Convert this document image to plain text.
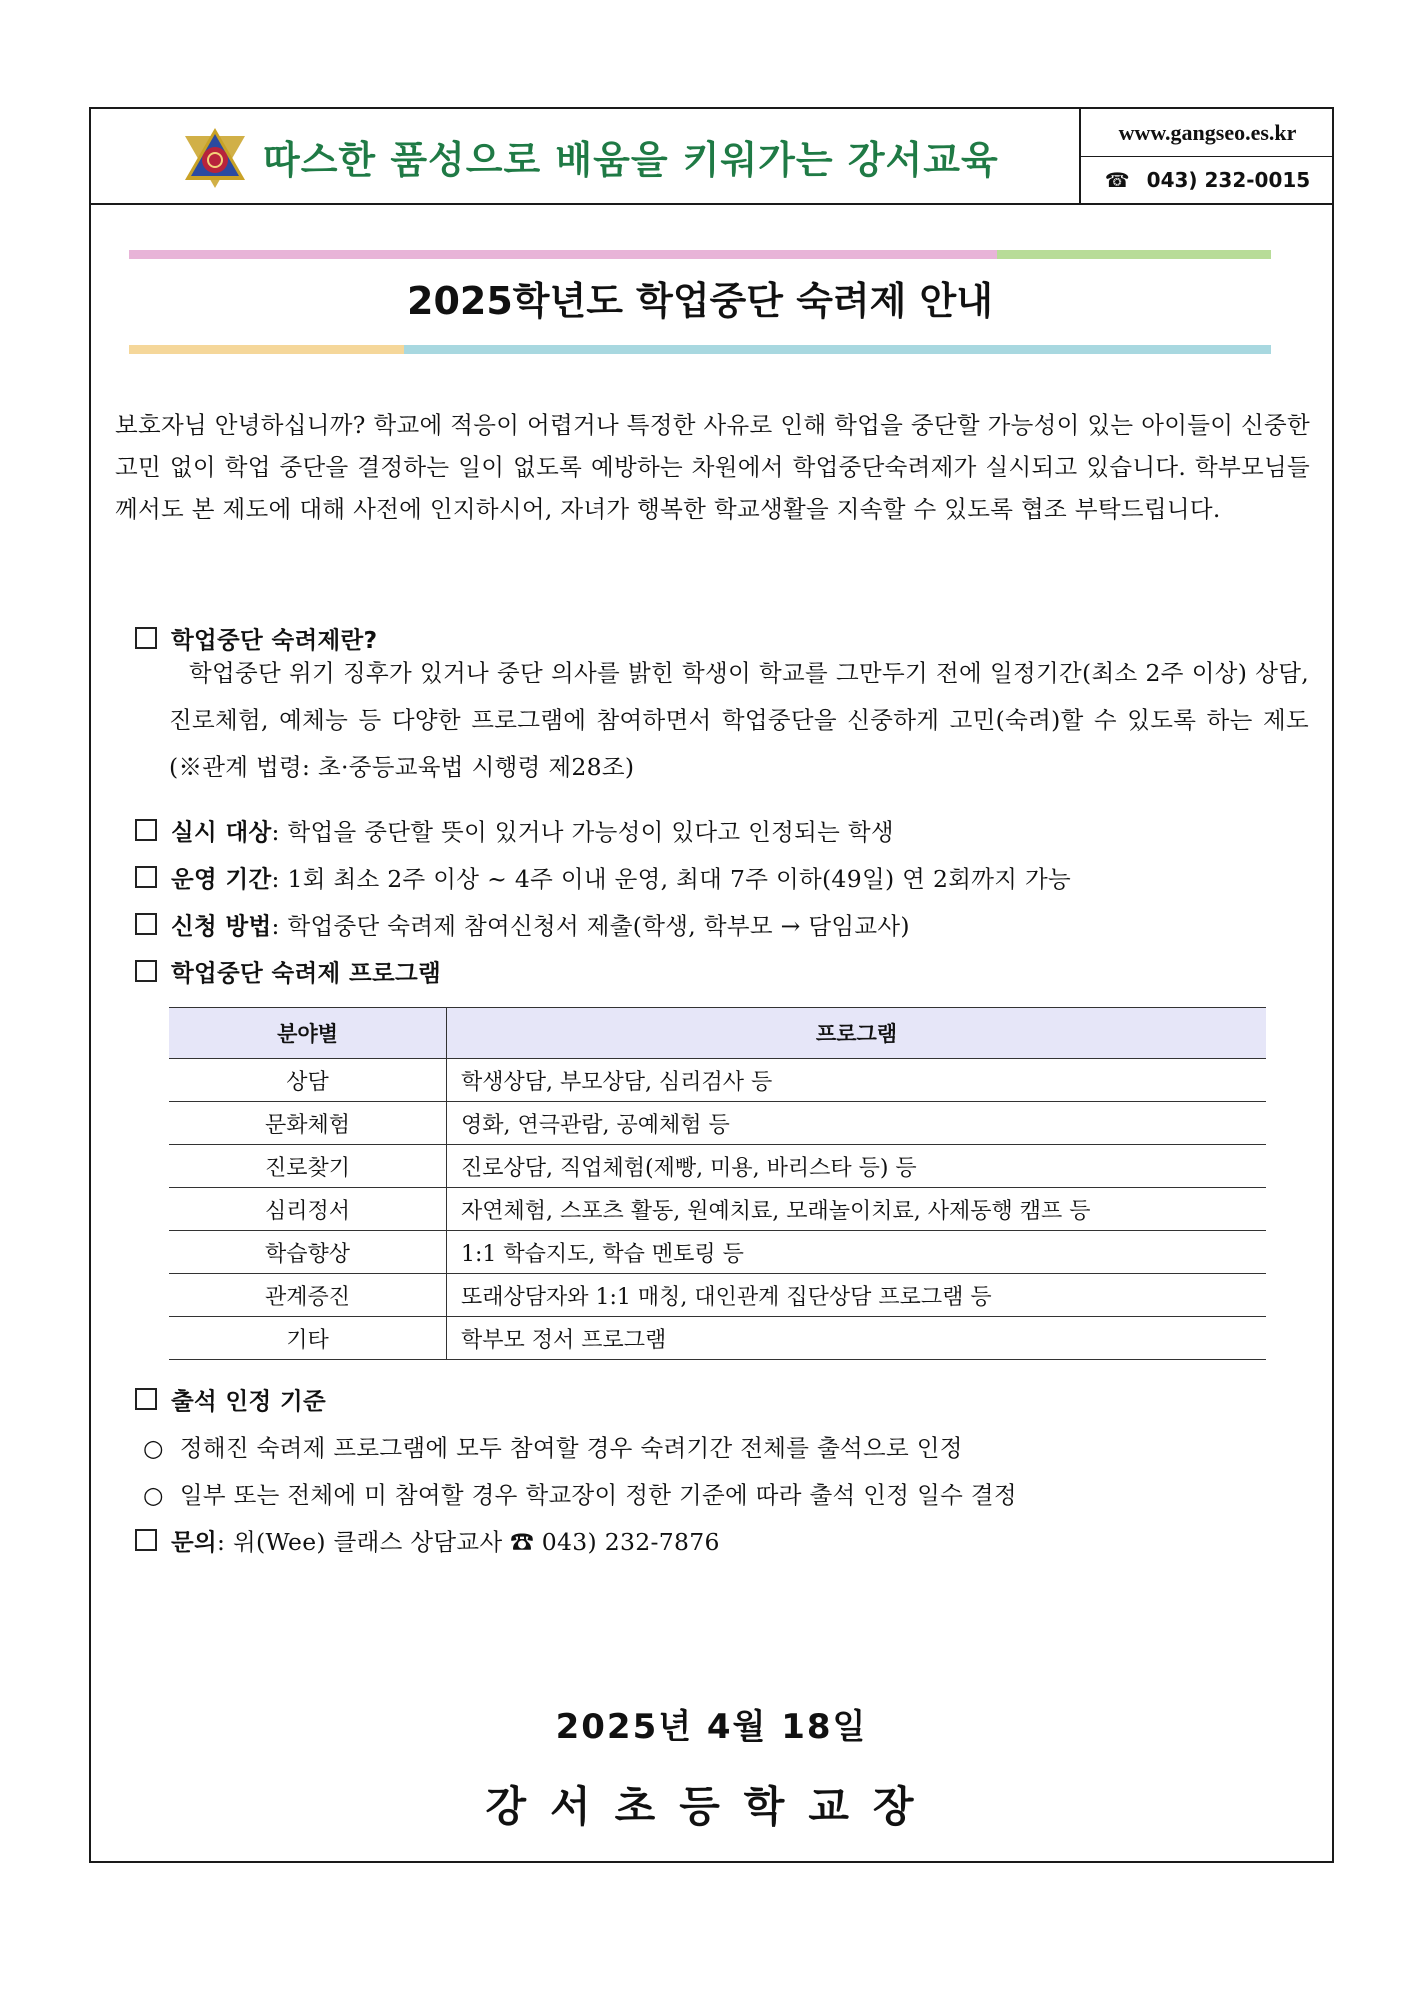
따스한 품성으로 배움을 키워가는 강서교육
www.gangseo.es.kr
☎ 043) 232-0015
2025학년도 학업중단 숙려제 안내
보호자님 안녕하십니까? 학교에 적응이 어렵거나 특정한 사유로 인해 학업을 중단할 가능성이 있는 아이들이 신중한 고민 없이 학업 중단을 결정하는 일이 없도록 예방하는 차원에서 학업중단숙려제가 실시되고 있습니다. 학부모님들께서도 본 제도에 대해 사전에 인지하시어, 자녀가 행복한 학교생활을 지속할 수 있도록 협조 부탁드립니다.
학업중단 숙려제란?
학업중단 위기 징후가 있거나 중단 의사를 밝힌 학생이 학교를 그만두기 전에 일정기간(최소 2주 이상) 상담, 진로체험, 예체능 등 다양한 프로그램에 참여하면서 학업중단을 신중하게 고민(숙려)할 수 있도록 하는 제도 (※관계 법령: 초·중등교육법 시행령 제28조)
실시 대상: 학업을 중단할 뜻이 있거나 가능성이 있다고 인정되는 학생
운영 기간: 1회 최소 2주 이상 ~ 4주 이내 운영, 최대 7주 이하(49일) 연 2회까지 가능
신청 방법: 학업중단 숙려제 참여신청서 제출(학생, 학부모 → 담임교사)
학업중단 숙려제 프로그램
분야별	프로그램
상담	학생상담, 부모상담, 심리검사 등
문화체험	영화, 연극관람, 공예체험 등
진로찾기	진로상담, 직업체험(제빵, 미용, 바리스타 등) 등
심리정서	자연체험, 스포츠 활동, 원예치료, 모래놀이치료, 사제동행 캠프 등
학습향상	1:1 학습지도, 학습 멘토링 등
관계증진	또래상담자와 1:1 매칭, 대인관계 집단상담 프로그램 등
기타	학부모 정서 프로그램
출석 인정 기준
○ 정해진 숙려제 프로그램에 모두 참여할 경우 숙려기간 전체를 출석으로 인정
○ 일부 또는 전체에 미 참여할 경우 학교장이 정한 기준에 따라 출석 인정 일수 결정
문의: 위(Wee) 클래스 상담교사 ☎ 043) 232-7876
2025년 4월 18일
강서초등학교장
